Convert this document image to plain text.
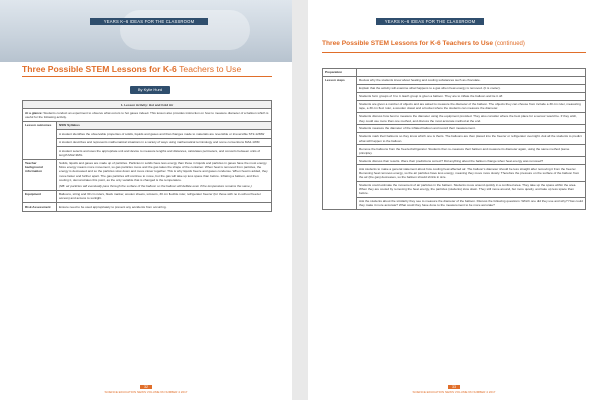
YEARS K–6 IDEAS FOR THE CLASSROOM
Three Possible STEM Lessons for K-6 Teachers to Use
By Kylie Hurd
1. Lesson Activity: Hot and Cold Air	
At a glance: Students conduct an experiment to observe what occurs to hot gases indeed. This lesson also provides instruction on how to measure diameter of a balloon which is useful for the following activity.	
Lesson outcomes	NSW Syllabus
	A student identifies the observable properties of solids, liquids and gases and that changes made to materials are reversible or irreversible ST2-12MW
	A student describes and represents mathematical situations in a variety of ways using mathematical terminology and some conventions MA2-1WM
	A student selects and uses the appropriate unit and device to measure lengths and distances, calculates perimeters, and converts between units of length MA2-9MG
Teacher background information	Solids, liquids and gases are made up of particles. Particles in solids have less energy than those in liquids and particles in gases have the most energy. More energy means more movement, so gas particles move and the gas takes the shape of the container. When heat is removed from particles, the energy is decreased and so the particles slow down and move closer together. This is why liquids freeze and gases condense. When heat is added, they move faster and further apart. The gas particles will continue to move, but the gas will take up less space than before. Inflating a balloon, and then cooling it, demonstrates this point, as the only variable that is changed is the temperature.
(NB: air particles will eventually pass through the surface of the balloon so the balloon will deflate even if the temperature remains the same.)

Equipment	Balloons, string and 30 cm rulers, black marker, woolen sheets, scissors, 30 cm flexible ruler, refrigerator freezer (for those with no in-school freezer access) and access to sunlight.
Risk Assessment	Ensure need to be used appropriately to prevent any accidents from occurring.
32
SCIENCE EDUCATION NEWS VOLUME 66 NUMBER 4 2017
YEARS K–6 IDEAS FOR THE CLASSROOM
Three Possible STEM Lessons for K-6 Teachers to Use (continued)
Preparation	
Lesson steps	Review why the students know about heating and cooling substances such as chocolate.
	Explain that the activity will examine what happens to a gas when heat energy is removed. (It is cooler).
	Students form groups of 3 to 4. Each group is given a balloon. They are to inflate the balloon and tie it off.
	Students are given a number of objects and are asked to measure the diameter of the balloon. The objects they can choose from include a 30 cm ruler, measuring tape, a 30 cm flexi ruler, a wooden dowel and a bucket where the students can measure the diameter.
	Students discuss how best to measure the diameter using the equipment provided. They also consider where the best place for a sensor would be. If they wish, they could use more than one method, and discuss the most accurate method at the end.
	Students measure the diameter of the inflated balloon and record their measurement.
	Students mark their balloons so they know which one is theirs. The balloons are then placed into the freezer or refrigerator overnight. Ask all the students to predict what will happen to the balloon.
	Remove the balloons from the freezer/refrigerator. Students then re-measure their balloon and measure its diameter again, using the same method (same principle).
	Students discuss their results. Were their predictions correct? Did anything about the balloon change when heat energy was removed?
	Ask students to make a general statement about how cooling heat affected air. The balloon's diameter should be less straight after removing it from the freezer. Removing heat removes energy, so the air particles have less energy, meaning they move more slowly. Therefore the pressure on the surface of the balloon from the air (the gas) decreases, so the balloon should shrink in size.
	Students could estimate the movement of air particles in the balloon. Students move around quickly in a confined area. They take up the space within the area. When they are cooled by removing the heat energy, the particles (students) slow down. They still move around, but more quietly, and take up less space than before.
	Ask the students about the similarity they see to measure the diameter of the balloon. Discuss the following questions: Which one did they use and why? How could they make it more accurate? What could they have done to the measurement to be more accurate?
33
SCIENCE EDUCATION NEWS VOLUME 66 NUMBER 4 2017
